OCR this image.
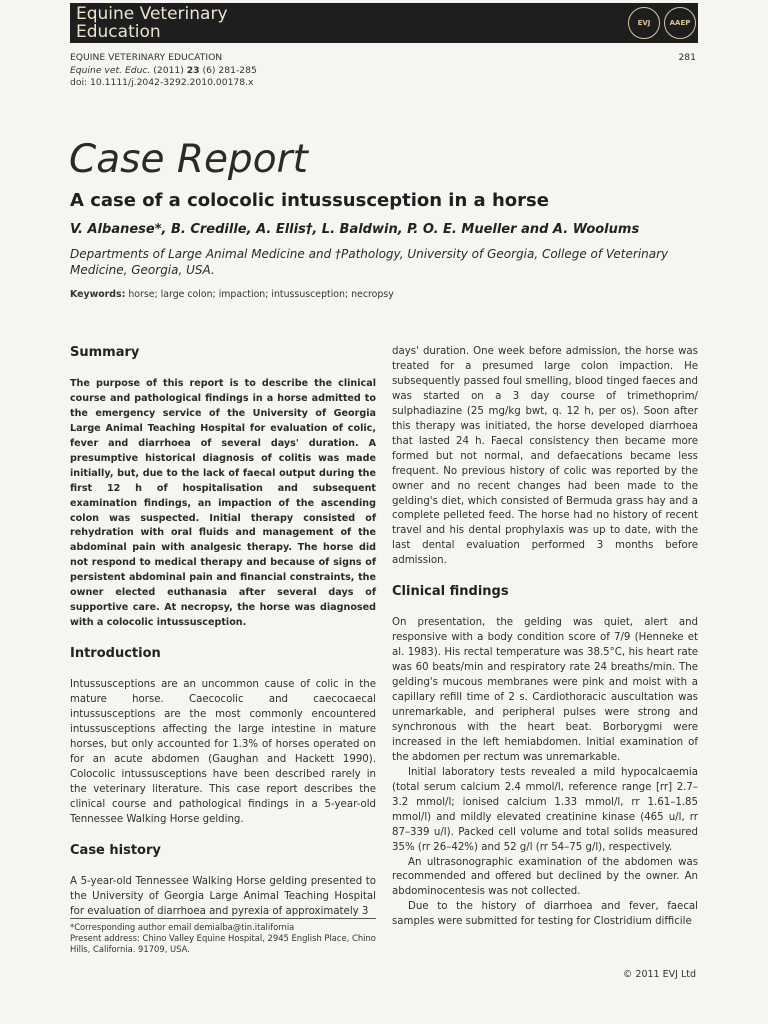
Equine Veterinary
Education	EVJ	AAEP
EQUINE VETERINARY EDUCATION
Equine vet. Educ. (2011) 23 (6) 281-285
doi: 10.1111/j.2042-3292.2010.00178.x
281
Case Report
A case of a colocolic intussusception in a horse
V. Albanese*, B. Credille, A. Ellis†, L. Baldwin, P. O. E. Mueller and A. Woolums
Departments of Large Animal Medicine and †Pathology, University of Georgia, College of Veterinary Medicine, Georgia, USA.
Keywords: horse; large colon; impaction; intussusception; necropsy
Summary

The purpose of this report is to describe the clinical course and pathological findings in a horse admitted to the emergency service of the University of Georgia Large Animal Teaching Hospital for evaluation of colic, fever and diarrhoea of several days' duration. A presumptive historical diagnosis of colitis was made initially, but, due to the lack of faecal output during the first 12 h of hospitalisation and subsequent examination findings, an impaction of the ascending colon was suspected. Initial therapy consisted of rehydration with oral fluids and management of the abdominal pain with analgesic therapy. The horse did not respond to medical therapy and because of signs of persistent abdominal pain and financial constraints, the owner elected euthanasia after several days of supportive care. At necropsy, the horse was diagnosed with a colocolic intussusception.

Introduction

Intussusceptions are an uncommon cause of colic in the mature horse. Caecocolic and caecocaecal intussusceptions are the most commonly encountered intussusceptions affecting the large intestine in mature horses, but only accounted for 1.3% of horses operated on for an acute abdomen (Gaughan and Hackett 1990). Colocolic intussusceptions have been described rarely in the veterinary literature. This case report describes the clinical course and pathological findings in a 5-year-old Tennessee Walking Horse gelding.

Case history

A 5-year-old Tennessee Walking Horse gelding presented to the University of Georgia Large Animal Teaching Hospital for evaluation of diarrhoea and pyrexia of approximately 3

*Corresponding author email demialba@tin.italifornia
Present address: Chino Valley Equine Hospital, 2945 English Place, Chino Hills, California. 91709, USA.

days' duration. One week before admission, the horse was treated for a presumed large colon impaction. He subsequently passed foul smelling, blood tinged faeces and was started on a 3 day course of trimethoprim/ sulphadiazine (25 mg/kg bwt, q. 12 h, per os). Soon after this therapy was initiated, the horse developed diarrhoea that lasted 24 h. Faecal consistency then became more formed but not normal, and defaecations became less frequent. No previous history of colic was reported by the owner and no recent changes had been made to the gelding's diet, which consisted of Bermuda grass hay and a complete pelleted feed. The horse had no history of recent travel and his dental prophylaxis was up to date, with the last dental evaluation performed 3 months before admission.

Clinical findings

On presentation, the gelding was quiet, alert and responsive with a body condition score of 7/9 (Henneke et al. 1983). His rectal temperature was 38.5°C, his heart rate was 60 beats/min and respiratory rate 24 breaths/min. The gelding's mucous membranes were pink and moist with a capillary refill time of 2 s. Cardiothoracic auscultation was unremarkable, and peripheral pulses were strong and synchronous with the heart beat. Borborygmi were increased in the left hemiabdomen. Initial examination of the abdomen per rectum was unremarkable.

Initial laboratory tests revealed a mild hypocalcaemia (total serum calcium 2.4 mmol/l, reference range [rr] 2.7–3.2 mmol/l; ionised calcium 1.33 mmol/l, rr 1.61–1.85 mmol/l) and mildly elevated creatinine kinase (465 u/l, rr 87–339 u/l). Packed cell volume and total solids measured 35% (rr 26–42%) and 52 g/l (rr 54–75 g/l), respectively.

An ultrasonographic examination of the abdomen was recommended and offered but declined by the owner. An abdominocentesis was not collected.

Due to the history of diarrhoea and fever, faecal samples were submitted for testing for Clostridium difficile

© 2011 EVJ Ltd
